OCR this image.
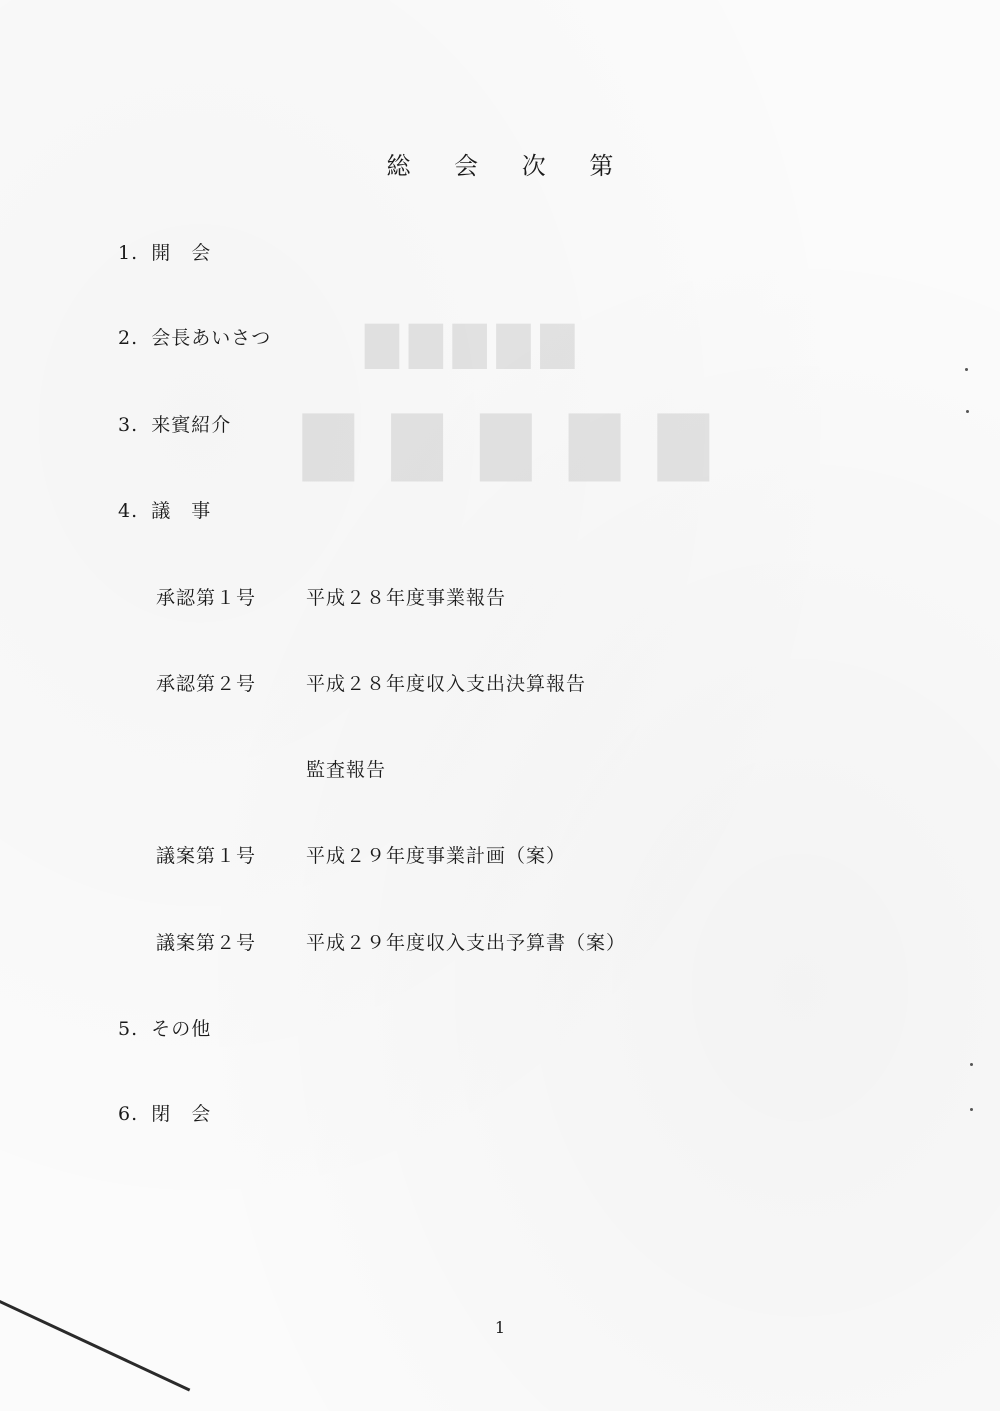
▇▇▇▇▇
▇▇▇▇▇
総 会 次 第
1. 開　会
2. 会長あいさつ
3. 来賓紹介
4. 議　事
承認第１号	平成２８年度事業報告
承認第２号	平成２８年度収入支出決算報告
監査報告
議案第１号	平成２９年度事業計画（案）
議案第２号	平成２９年度収入支出予算書（案）
5. その他
6. 閉　会
1
